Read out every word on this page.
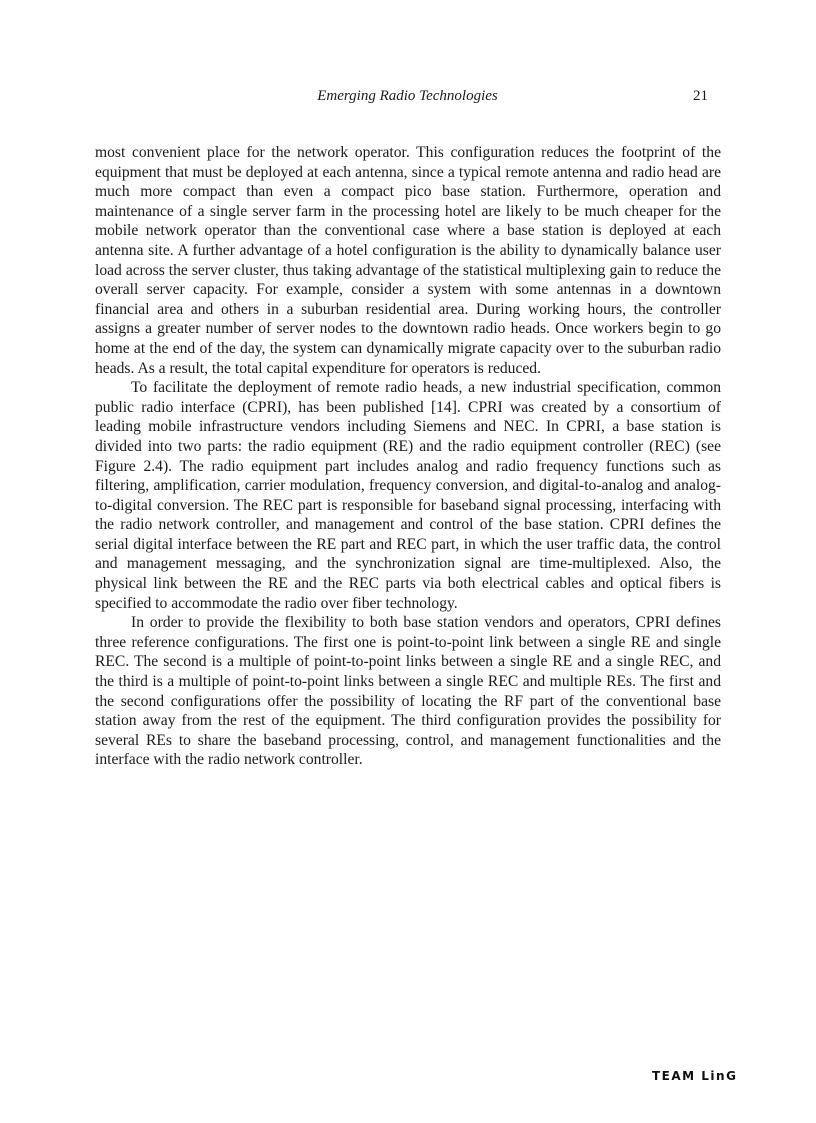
Emerging Radio Technologies	21

most convenient place for the network operator. This configuration reduces the footprint of the equipment that must be deployed at each antenna, since a typical remote antenna and radio head are much more compact than even a compact pico base station. Furthermore, operation and maintenance of a single server farm in the processing hotel are likely to be much cheaper for the mobile network operator than the conventional case where a base station is deployed at each antenna site. A further advantage of a hotel configuration is the ability to dynamically balance user load across the server cluster, thus taking advantage of the statistical multiplexing gain to reduce the overall server capacity. For example, consider a system with some antennas in a downtown financial area and others in a suburban residential area. During working hours, the controller assigns a greater number of server nodes to the downtown radio heads. Once workers begin to go home at the end of the day, the system can dynamically migrate capacity over to the suburban radio heads. As a result, the total capital expenditure for operators is reduced.

To facilitate the deployment of remote radio heads, a new industrial specification, common public radio interface (CPRI), has been published [14]. CPRI was created by a consortium of leading mobile infrastructure vendors including Siemens and NEC. In CPRI, a base station is divided into two parts: the radio equipment (RE) and the radio equipment controller (REC) (see Figure 2.4). The radio equipment part includes analog and radio frequency functions such as filtering, amplification, carrier modulation, frequency conversion, and digital-to-analog and analog-to-digital conversion. The REC part is responsible for baseband signal processing, interfacing with the radio network controller, and management and control of the base station. CPRI defines the serial digital interface between the RE part and REC part, in which the user traffic data, the control and management messaging, and the synchronization signal are time-multiplexed. Also, the physical link between the RE and the REC parts via both electrical cables and optical fibers is specified to accommodate the radio over fiber technology.

In order to provide the flexibility to both base station vendors and operators, CPRI defines three reference configurations. The first one is point-to-point link between a single RE and single REC. The second is a multiple of point-to-point links between a single RE and a single REC, and the third is a multiple of point-to-point links between a single REC and multiple REs. The first and the second configurations offer the possibility of locating the RF part of the conventional base station away from the rest of the equipment. The third configuration provides the possibility for several REs to share the baseband processing, control, and management functionalities and the interface with the radio network controller.

TEAM LinG
